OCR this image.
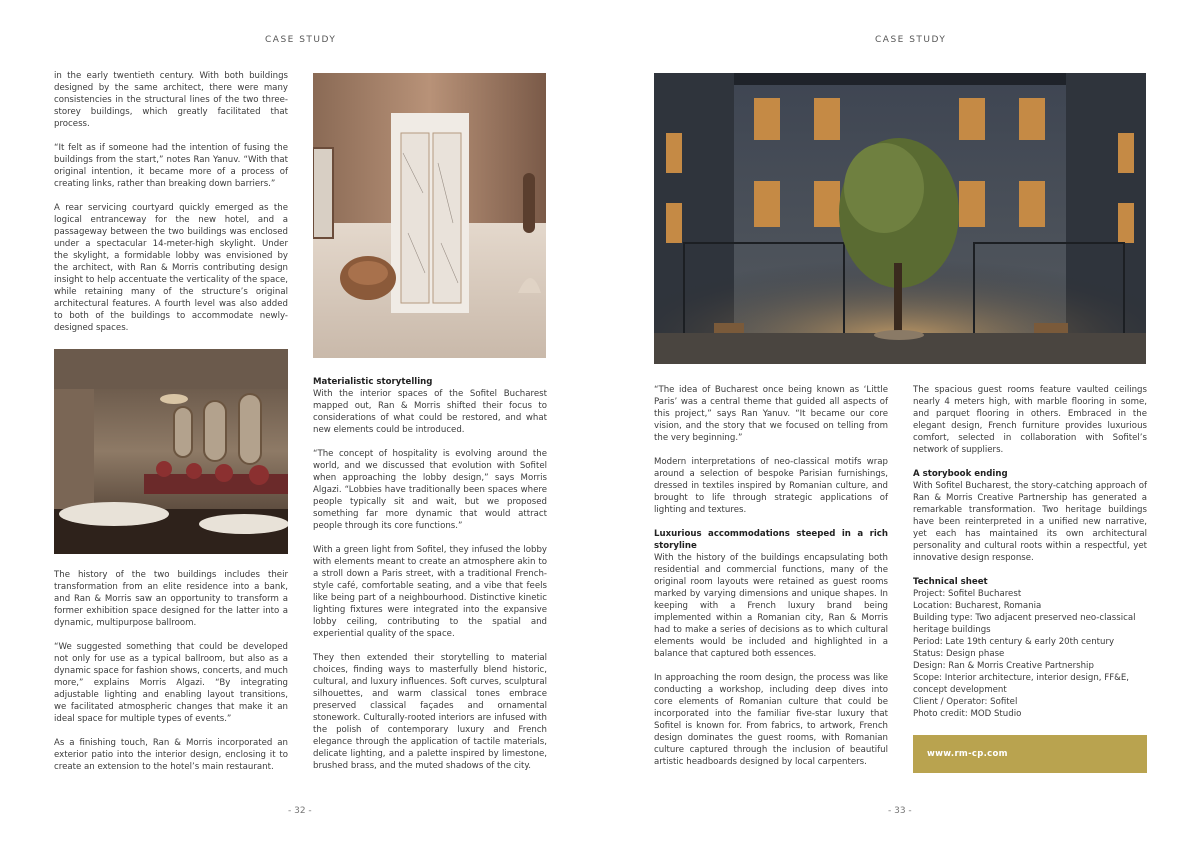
CASE STUDY

in the early twentieth century. With both buildings designed by the same architect, there were many consistencies in the structural lines of the two three-storey buildings, which greatly facilitated that process.

“It felt as if someone had the intention of fusing the buildings from the start,” notes Ran Yanuv. “With that original intention, it became more of a process of creating links, rather than breaking down barriers.”

A rear servicing courtyard quickly emerged as the logical entranceway for the new hotel, and a passageway between the two buildings was enclosed under a spectacular 14-meter-high skylight. Under the skylight, a formidable lobby was envisioned by the architect, with Ran & Morris contributing design insight to help accentuate the verticality of the space, while retaining many of the structure’s original architectural features. A fourth level was also added to both of the buildings to accommodate newly-designed spaces.

The history of the two buildings includes their transformation from an elite residence into a bank, and Ran & Morris saw an opportunity to transform a former exhibition space designed for the latter into a dynamic, multipurpose ballroom.

“We suggested something that could be developed not only for use as a typical ballroom, but also as a dynamic space for fashion shows, concerts, and much more,” explains Morris Algazi. “By integrating adjustable lighting and enabling layout transitions, we facilitated atmospheric changes that make it an ideal space for multiple types of events.”

As a finishing touch, Ran & Morris incorporated an exterior patio into the interior design, enclosing it to create an extension to the hotel’s main restaurant.

Materialistic storytelling

With the interior spaces of the Sofitel Bucharest mapped out, Ran & Morris shifted their focus to considerations of what could be restored, and what new elements could be introduced.

“The concept of hospitality is evolving around the world, and we discussed that evolution with Sofitel when approaching the lobby design,” says Morris Algazi. “Lobbies have traditionally been spaces where people typically sit and wait, but we proposed something far more dynamic that would attract people through its core functions.”

With a green light from Sofitel, they infused the lobby with elements meant to create an atmosphere akin to a stroll down a Paris street, with a traditional French-style café, comfortable seating, and a vibe that feels like being part of a neighbourhood. Distinctive kinetic lighting fixtures were integrated into the expansive lobby ceiling, contributing to the spatial and experiential quality of the space.

They then extended their storytelling to material choices, finding ways to masterfully blend historic, cultural, and luxury influences. Soft curves, sculptural silhouettes, and warm classical tones embrace preserved classical façades and ornamental stonework. Culturally-rooted interiors are infused with the polish of contemporary luxury and French elegance through the application of tactile materials, delicate lighting, and a palette inspired by limestone, brushed brass, and the muted shadows of the city.

- 32 -
CASE STUDY

“The idea of Bucharest once being known as ‘Little Paris’ was a central theme that guided all aspects of this project,” says Ran Yanuv. “It became our core vision, and the story that we focused on telling from the very beginning.”

Modern interpretations of neo-classical motifs wrap around a selection of bespoke Parisian furnishings, dressed in textiles inspired by Romanian culture, and brought to life through strategic applications of lighting and textures.

Luxurious accommodations steeped in a rich storyline

With the history of the buildings encapsulating both residential and commercial functions, many of the original room layouts were retained as guest rooms marked by varying dimensions and unique shapes. In keeping with a French luxury brand being implemented within a Romanian city, Ran & Morris had to make a series of decisions as to which cultural elements would be included and highlighted in a balance that captured both essences.

In approaching the room design, the process was like conducting a workshop, including deep dives into core elements of Romanian culture that could be incorporated into the familiar five-star luxury that Sofitel is known for. From fabrics, to artwork, French design dominates the guest rooms, with Romanian culture captured through the inclusion of beautiful artistic headboards designed by local carpenters.

The spacious guest rooms feature vaulted ceilings nearly 4 meters high, with marble flooring in some, and parquet flooring in others. Embraced in the elegant design, French furniture provides luxurious comfort, selected in collaboration with Sofitel’s network of suppliers.

A storybook ending

With Sofitel Bucharest, the story-catching approach of Ran & Morris Creative Partnership has generated a remarkable transformation. Two heritage buildings have been reinterpreted in a unified new narrative, yet each has maintained its own architectural personality and cultural roots within a respectful, yet innovative design response.

Technical sheet

Project: Sofitel Bucharest

Location: Bucharest, Romania

Building type: Two adjacent preserved neo-classical heritage buildings

Period: Late 19th century & early 20th century

Status: Design phase

Design: Ran & Morris Creative Partnership

Scope: Interior architecture, interior design, FF&E, concept development

Client / Operator: Sofitel

Photo credit: MOD Studio

www.rm-cp.com
- 33 -
